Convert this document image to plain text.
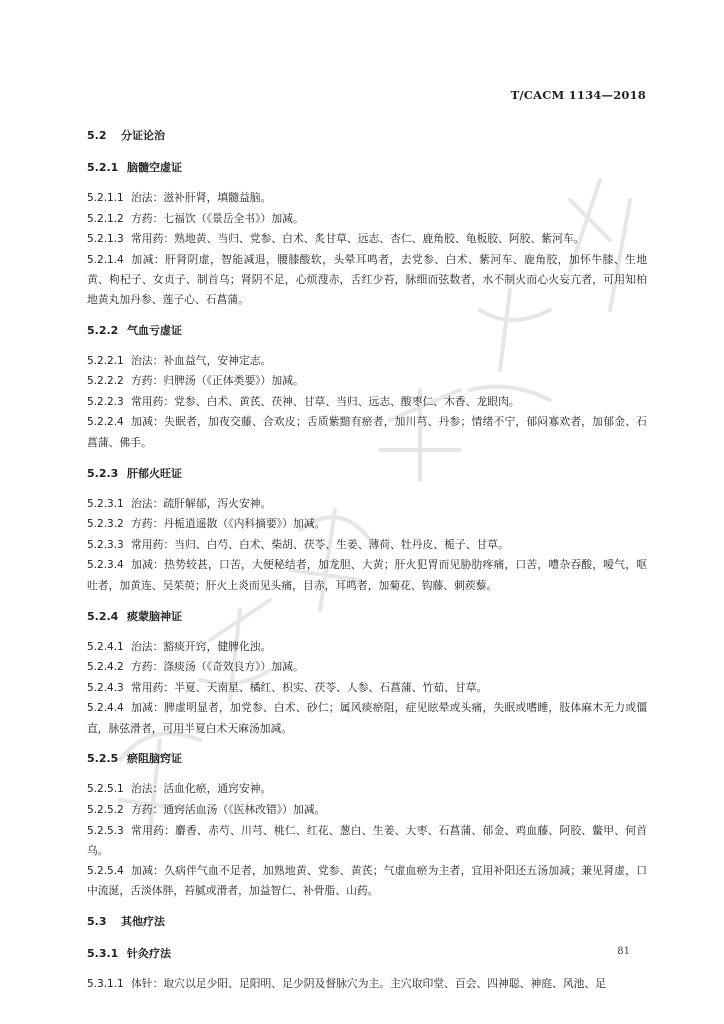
T/CACM 1134—2018
5.2 分证论治
5.2.1 脑髓空虚证

5.2.1.1 治法：滋补肝肾，填髓益脑。

5.2.1.2 方药：七福饮（《景岳全书》）加减。

5.2.1.3 常用药：熟地黄、当归、党参、白术、炙甘草、远志、杏仁、鹿角胶、龟板胶、阿胶、紫河车。

5.2.1.4 加减：肝肾阴虚，智能减退，腰膝酸软，头晕耳鸣者，去党参、白术、紫河车、鹿角胶，加怀牛膝、生地黄、枸杞子、女贞子、制首乌；肾阴不足，心烦溲赤，舌红少苔，脉细而弦数者，水不制火而心火妄亢者，可用知柏地黄丸加丹参、莲子心、石菖蒲。

5.2.2 气血亏虚证

5.2.2.1 治法：补血益气，安神定志。

5.2.2.2 方药：归脾汤（《正体类要》）加减。

5.2.2.3 常用药：党参、白术、黄芪、茯神、甘草、当归、远志、酸枣仁、木香、龙眼肉。

5.2.2.4 加减：失眠者，加夜交藤、合欢皮；舌质紫黯有瘀者，加川芎、丹参；情绪不宁，郁闷寡欢者，加郁金、石菖蒲、佛手。

5.2.3 肝郁火旺证

5.2.3.1 治法：疏肝解郁，泻火安神。

5.2.3.2 方药：丹栀逍遥散（《内科摘要》）加减。

5.2.3.3 常用药：当归、白芍、白术、柴胡、茯苓、生姜、薄荷、牡丹皮、栀子、甘草。

5.2.3.4 加减：热势较甚，口苦，大便秘结者，加龙胆、大黄；肝火犯胃而见胁肋疼痛，口苦，嘈杂吞酸，嗳气，呕吐者，加黄连、吴茱萸；肝火上炎而见头痛，目赤，耳鸣者，加菊花、钩藤、刺蒺藜。

5.2.4 痰蒙脑神证

5.2.4.1 治法：豁痰开窍，健脾化浊。

5.2.4.2 方药：涤痰汤（《奇效良方》）加减。

5.2.4.3 常用药：半夏、天南星、橘红、枳实、茯苓、人参、石菖蒲、竹茹、甘草。

5.2.4.4 加减：脾虚明显者，加党参、白术、砂仁；属风痰瘀阻，症见眩晕或头痛，失眠或嗜睡，肢体麻木无力或僵直，脉弦滑者，可用半夏白术天麻汤加减。

5.2.5 瘀阻脑窍证

5.2.5.1 治法：活血化瘀，通窍安神。

5.2.5.2 方药：通窍活血汤（《医林改错》）加减。

5.2.5.3 常用药：麝香、赤芍、川芎、桃仁、红花、葱白、生姜、大枣、石菖蒲、郁金、鸡血藤、阿胶、鳖甲、何首乌。

5.2.5.4 加减：久病伴气血不足者，加熟地黄、党参、黄芪；气虚血瘀为主者，宜用补阳还五汤加减；兼见肾虚，口中流涎，舌淡体胖，苔腻或滑者，加益智仁、补骨脂、山药。

5.3 其他疗法
5.3.1 针灸疗法

5.3.1.1 体针：取穴以足少阳、足阳明、足少阴及督脉穴为主。主穴取印堂、百会、四神聪、神庭、风池、足

81
